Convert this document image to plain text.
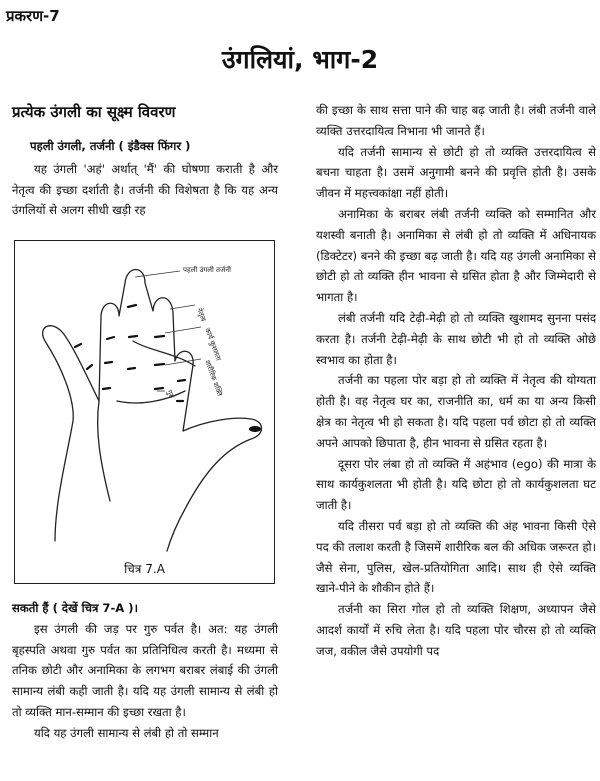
प्रकरण-7
उंगलियां, भाग-2
प्रत्येक उंगली का सूक्ष्म विवरण
पहली उंगली, तर्जनी ( इंडैक्स फिंगर )

यह उंगली 'अहं' अर्थात् 'मैं' की घोषणा कराती है और नेतृत्व की इच्छा दर्शाती है। तर्जनी की विशेषता है कि यह अन्य उंगलियों से अलग सीधी खड़ी रह

पहली उंगली तर्जनी
नेतृत्व
कार्य कुशलता
शारीरिक शक्ति
गुरु
चित्र 7.A

सकती हैं ( देखें चित्र 7-A )।

इस उंगली की जड़ पर गुरु पर्वत है। अत: यह उंगली बृहस्पति अथवा गुरु पर्वत का प्रतिनिधित्व करती है। मध्यमा से तनिक छोटी और अनामिका के लगभग बराबर लंबाई की उंगली सामान्य लंबी कही जाती है। यदि यह उंगली सामान्य से लंबी हो तो व्यक्ति मान-सम्मान की इच्छा रखता है।

यदि यह उंगली सामान्य से लंबी हो तो सम्मान

की इच्छा के साथ सत्ता पाने की चाह बढ़ जाती है। लंबी तर्जनी वाले व्यक्ति उत्तरदायित्व निभाना भी जानते हैं।

यदि तर्जनी सामान्य से छोटी हो तो व्यक्ति उत्तरदायित्व से बचना चाहता है। उसमें अनुगामी बनने की प्रवृत्ति होती है। उसके जीवन में महत्त्वकांक्षा नहीं होती।

अनामिका के बराबर लंबी तर्जनी व्यक्ति को सम्मानित और यशस्वी बनाती है। अनामिका से लंबी हो तो व्यक्ति में अधिनायक (डिक्टेटर) बनने की इच्छा बढ़ जाती है। यदि यह उंगली अनामिका से छोटी हो तो व्यक्ति हीन भावना से ग्रसित होता है और जिम्मेदारी से भागता है।

लंबी तर्जनी यदि टेढ़ी-मेढ़ी हो तो व्यक्ति खुशामद सुनना पसंद करता है। तर्जनी टेढ़ी-मेढ़ी के साथ छोटी भी हो तो व्यक्ति ओछे स्वभाव का होता है।

तर्जनी का पहला पोर बड़ा हो तो व्यक्ति में नेतृत्व की योग्यता होती है। वह नेतृत्व घर का, राजनीति का, धर्म का या अन्य किसी क्षेत्र का नेतृत्व भी हो सकता है। यदि पहला पर्व छोटा हो तो व्यक्ति अपने आपको छिपाता है, हीन भावना से ग्रसित रहता है।

दूसरा पोर लंबा हो तो व्यक्ति में अहंभाव (ego) की मात्रा के साथ कार्यकुशलता भी होती है। यदि छोटा हो तो कार्यकुशलता घट जाती है।

यदि तीसरा पर्व बड़ा हो तो व्यक्ति की अंह भावना किसी ऐसे पद की तलाश करती है जिसमें शारीरिक बल की अधिक जरूरत हो। जैसे सेना, पुलिस, खेल-प्रतियोगिता आदि। साथ ही ऐसे व्यक्ति खाने-पीने के शौकीन होते हैं।

तर्जनी का सिरा गोल हो तो व्यक्ति शिक्षण, अध्यापन जैसे आदर्श कार्यों में रुचि लेता है। यदि पहला पोर चौरस हो तो व्यक्ति जज, वकील जैसे उपयोगी पद
